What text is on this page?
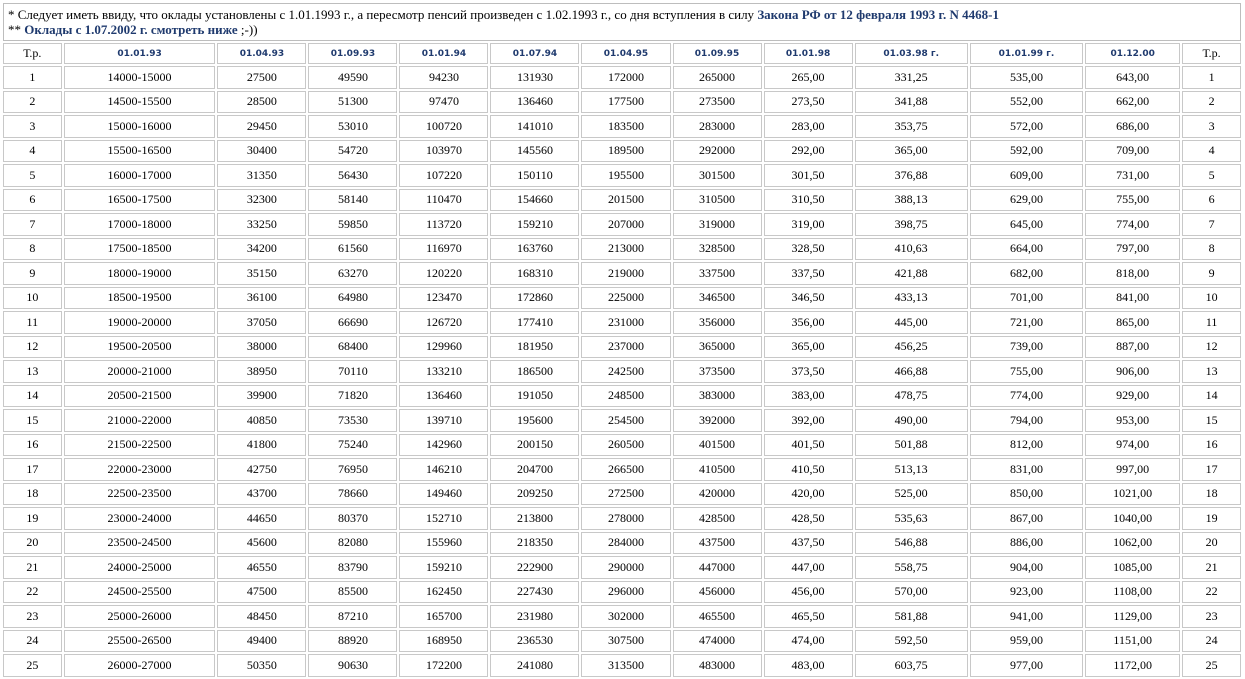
* Следует иметь ввиду, что оклады установлены с 1.01.1993 г., а пересмотр пенсий произведен с 1.02.1993 г., со дня вступления в силу Закона РФ от 12 февраля 1993 г. N 4468-1
** Оклады с 1.07.2002 г. смотреть ниже ;-))
Т.р.	01.01.93	01.04.93	01.09.93	01.01.94	01.07.94	01.04.95	01.09.95	01.01.98	01.03.98 г.	01.01.99 г.	01.12.00	Т.р.
1	14000-15000	27500	49590	94230	131930	172000	265000	265,00	331,25	535,00	643,00	1
2	14500-15500	28500	51300	97470	136460	177500	273500	273,50	341,88	552,00	662,00	2
3	15000-16000	29450	53010	100720	141010	183500	283000	283,00	353,75	572,00	686,00	3
4	15500-16500	30400	54720	103970	145560	189500	292000	292,00	365,00	592,00	709,00	4
5	16000-17000	31350	56430	107220	150110	195500	301500	301,50	376,88	609,00	731,00	5
6	16500-17500	32300	58140	110470	154660	201500	310500	310,50	388,13	629,00	755,00	6
7	17000-18000	33250	59850	113720	159210	207000	319000	319,00	398,75	645,00	774,00	7
8	17500-18500	34200	61560	116970	163760	213000	328500	328,50	410,63	664,00	797,00	8
9	18000-19000	35150	63270	120220	168310	219000	337500	337,50	421,88	682,00	818,00	9
10	18500-19500	36100	64980	123470	172860	225000	346500	346,50	433,13	701,00	841,00	10
11	19000-20000	37050	66690	126720	177410	231000	356000	356,00	445,00	721,00	865,00	11
12	19500-20500	38000	68400	129960	181950	237000	365000	365,00	456,25	739,00	887,00	12
13	20000-21000	38950	70110	133210	186500	242500	373500	373,50	466,88	755,00	906,00	13
14	20500-21500	39900	71820	136460	191050	248500	383000	383,00	478,75	774,00	929,00	14
15	21000-22000	40850	73530	139710	195600	254500	392000	392,00	490,00	794,00	953,00	15
16	21500-22500	41800	75240	142960	200150	260500	401500	401,50	501,88	812,00	974,00	16
17	22000-23000	42750	76950	146210	204700	266500	410500	410,50	513,13	831,00	997,00	17
18	22500-23500	43700	78660	149460	209250	272500	420000	420,00	525,00	850,00	1021,00	18
19	23000-24000	44650	80370	152710	213800	278000	428500	428,50	535,63	867,00	1040,00	19
20	23500-24500	45600	82080	155960	218350	284000	437500	437,50	546,88	886,00	1062,00	20
21	24000-25000	46550	83790	159210	222900	290000	447000	447,00	558,75	904,00	1085,00	21
22	24500-25500	47500	85500	162450	227430	296000	456000	456,00	570,00	923,00	1108,00	22
23	25000-26000	48450	87210	165700	231980	302000	465500	465,50	581,88	941,00	1129,00	23
24	25500-26500	49400	88920	168950	236530	307500	474000	474,00	592,50	959,00	1151,00	24
25	26000-27000	50350	90630	172200	241080	313500	483000	483,00	603,75	977,00	1172,00	25
